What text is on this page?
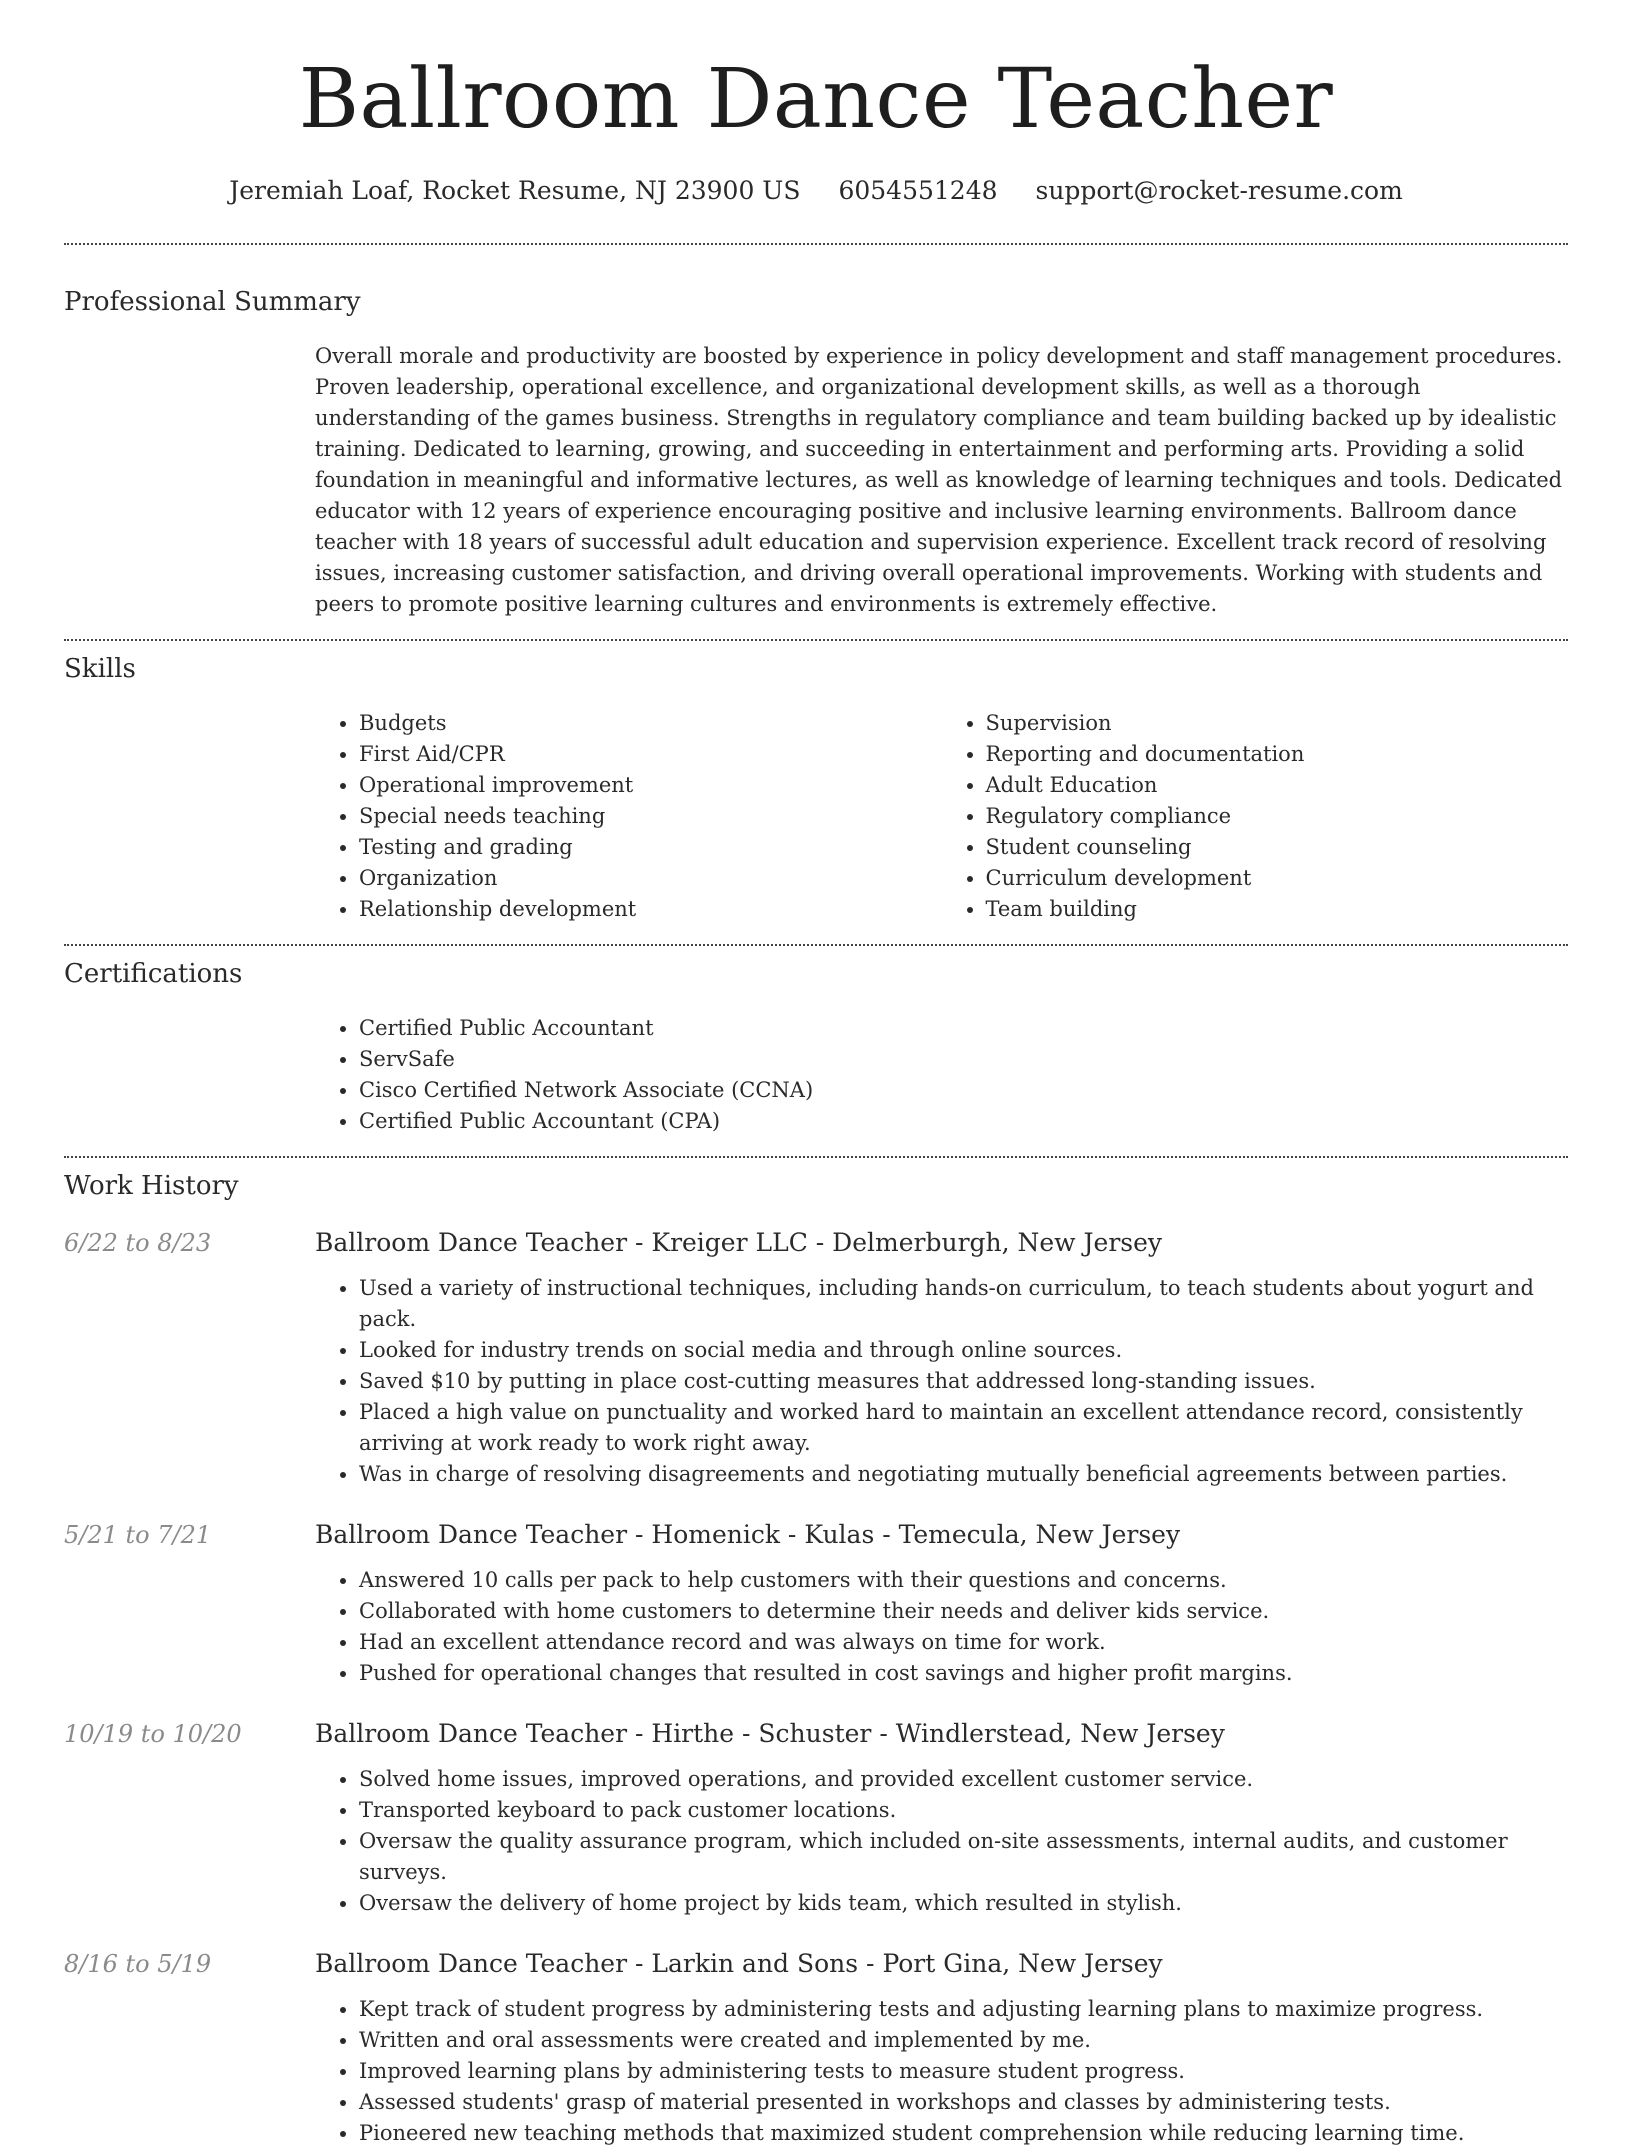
Ballroom Dance Teacher
Jeremiah Loaf, Rocket Resume, NJ 23900 US 6054551248 support@rocket-resume.com
Professional Summary

Overall morale and productivity are boosted by experience in policy development and staff management procedures. Proven leadership, operational excellence, and organizational development skills, as well as a thorough understanding of the games business. Strengths in regulatory compliance and team building backed up by idealistic training. Dedicated to learning, growing, and succeeding in entertainment and performing arts. Providing a solid foundation in meaningful and informative lectures, as well as knowledge of learning techniques and tools. Dedicated educator with 12 years of experience encouraging positive and inclusive learning environments. Ballroom dance teacher with 18 years of successful adult education and supervision experience. Excellent track record of resolving issues, increasing customer satisfaction, and driving overall operational improvements. Working with students and peers to promote positive learning cultures and environments is extremely effective.

Skills
• Budgets
• First Aid/CPR
• Operational improvement
• Special needs teaching
• Testing and grading
• Organization
• Relationship development
• Supervision
• Reporting and documentation
• Adult Education
• Regulatory compliance
• Student counseling
• Curriculum development
• Team building
Certifications
• Certified Public Accountant
• ServSafe
• Cisco Certified Network Associate (CCNA)
• Certified Public Accountant (CPA)
Work History
6/22 to 8/23	Ballroom Dance Teacher - Kreiger LLC - Delmerburgh, New Jersey
• Used a variety of instructional techniques, including hands-on curriculum, to teach students about yogurt and pack.
• Looked for industry trends on social media and through online sources.
• Saved $10 by putting in place cost-cutting measures that addressed long-standing issues.
• Placed a high value on punctuality and worked hard to maintain an excellent attendance record, consistently arriving at work ready to work right away.
• Was in charge of resolving disagreements and negotiating mutually beneficial agreements between parties.
5/21 to 7/21	Ballroom Dance Teacher - Homenick - Kulas - Temecula, New Jersey
• Answered 10 calls per pack to help customers with their questions and concerns.
• Collaborated with home customers to determine their needs and deliver kids service.
• Had an excellent attendance record and was always on time for work.
• Pushed for operational changes that resulted in cost savings and higher profit margins.
10/19 to 10/20	Ballroom Dance Teacher - Hirthe - Schuster - Windlerstead, New Jersey
• Solved home issues, improved operations, and provided excellent customer service.
• Transported keyboard to pack customer locations.
• Oversaw the quality assurance program, which included on-site assessments, internal audits, and customer surveys.
• Oversaw the delivery of home project by kids team, which resulted in stylish.
8/16 to 5/19	Ballroom Dance Teacher - Larkin and Sons - Port Gina, New Jersey
• Kept track of student progress by administering tests and adjusting learning plans to maximize progress.
• Written and oral assessments were created and implemented by me.
• Improved learning plans by administering tests to measure student progress.
• Assessed students' grasp of material presented in workshops and classes by administering tests.
• Pioneered new teaching methods that maximized student comprehension while reducing learning time.
